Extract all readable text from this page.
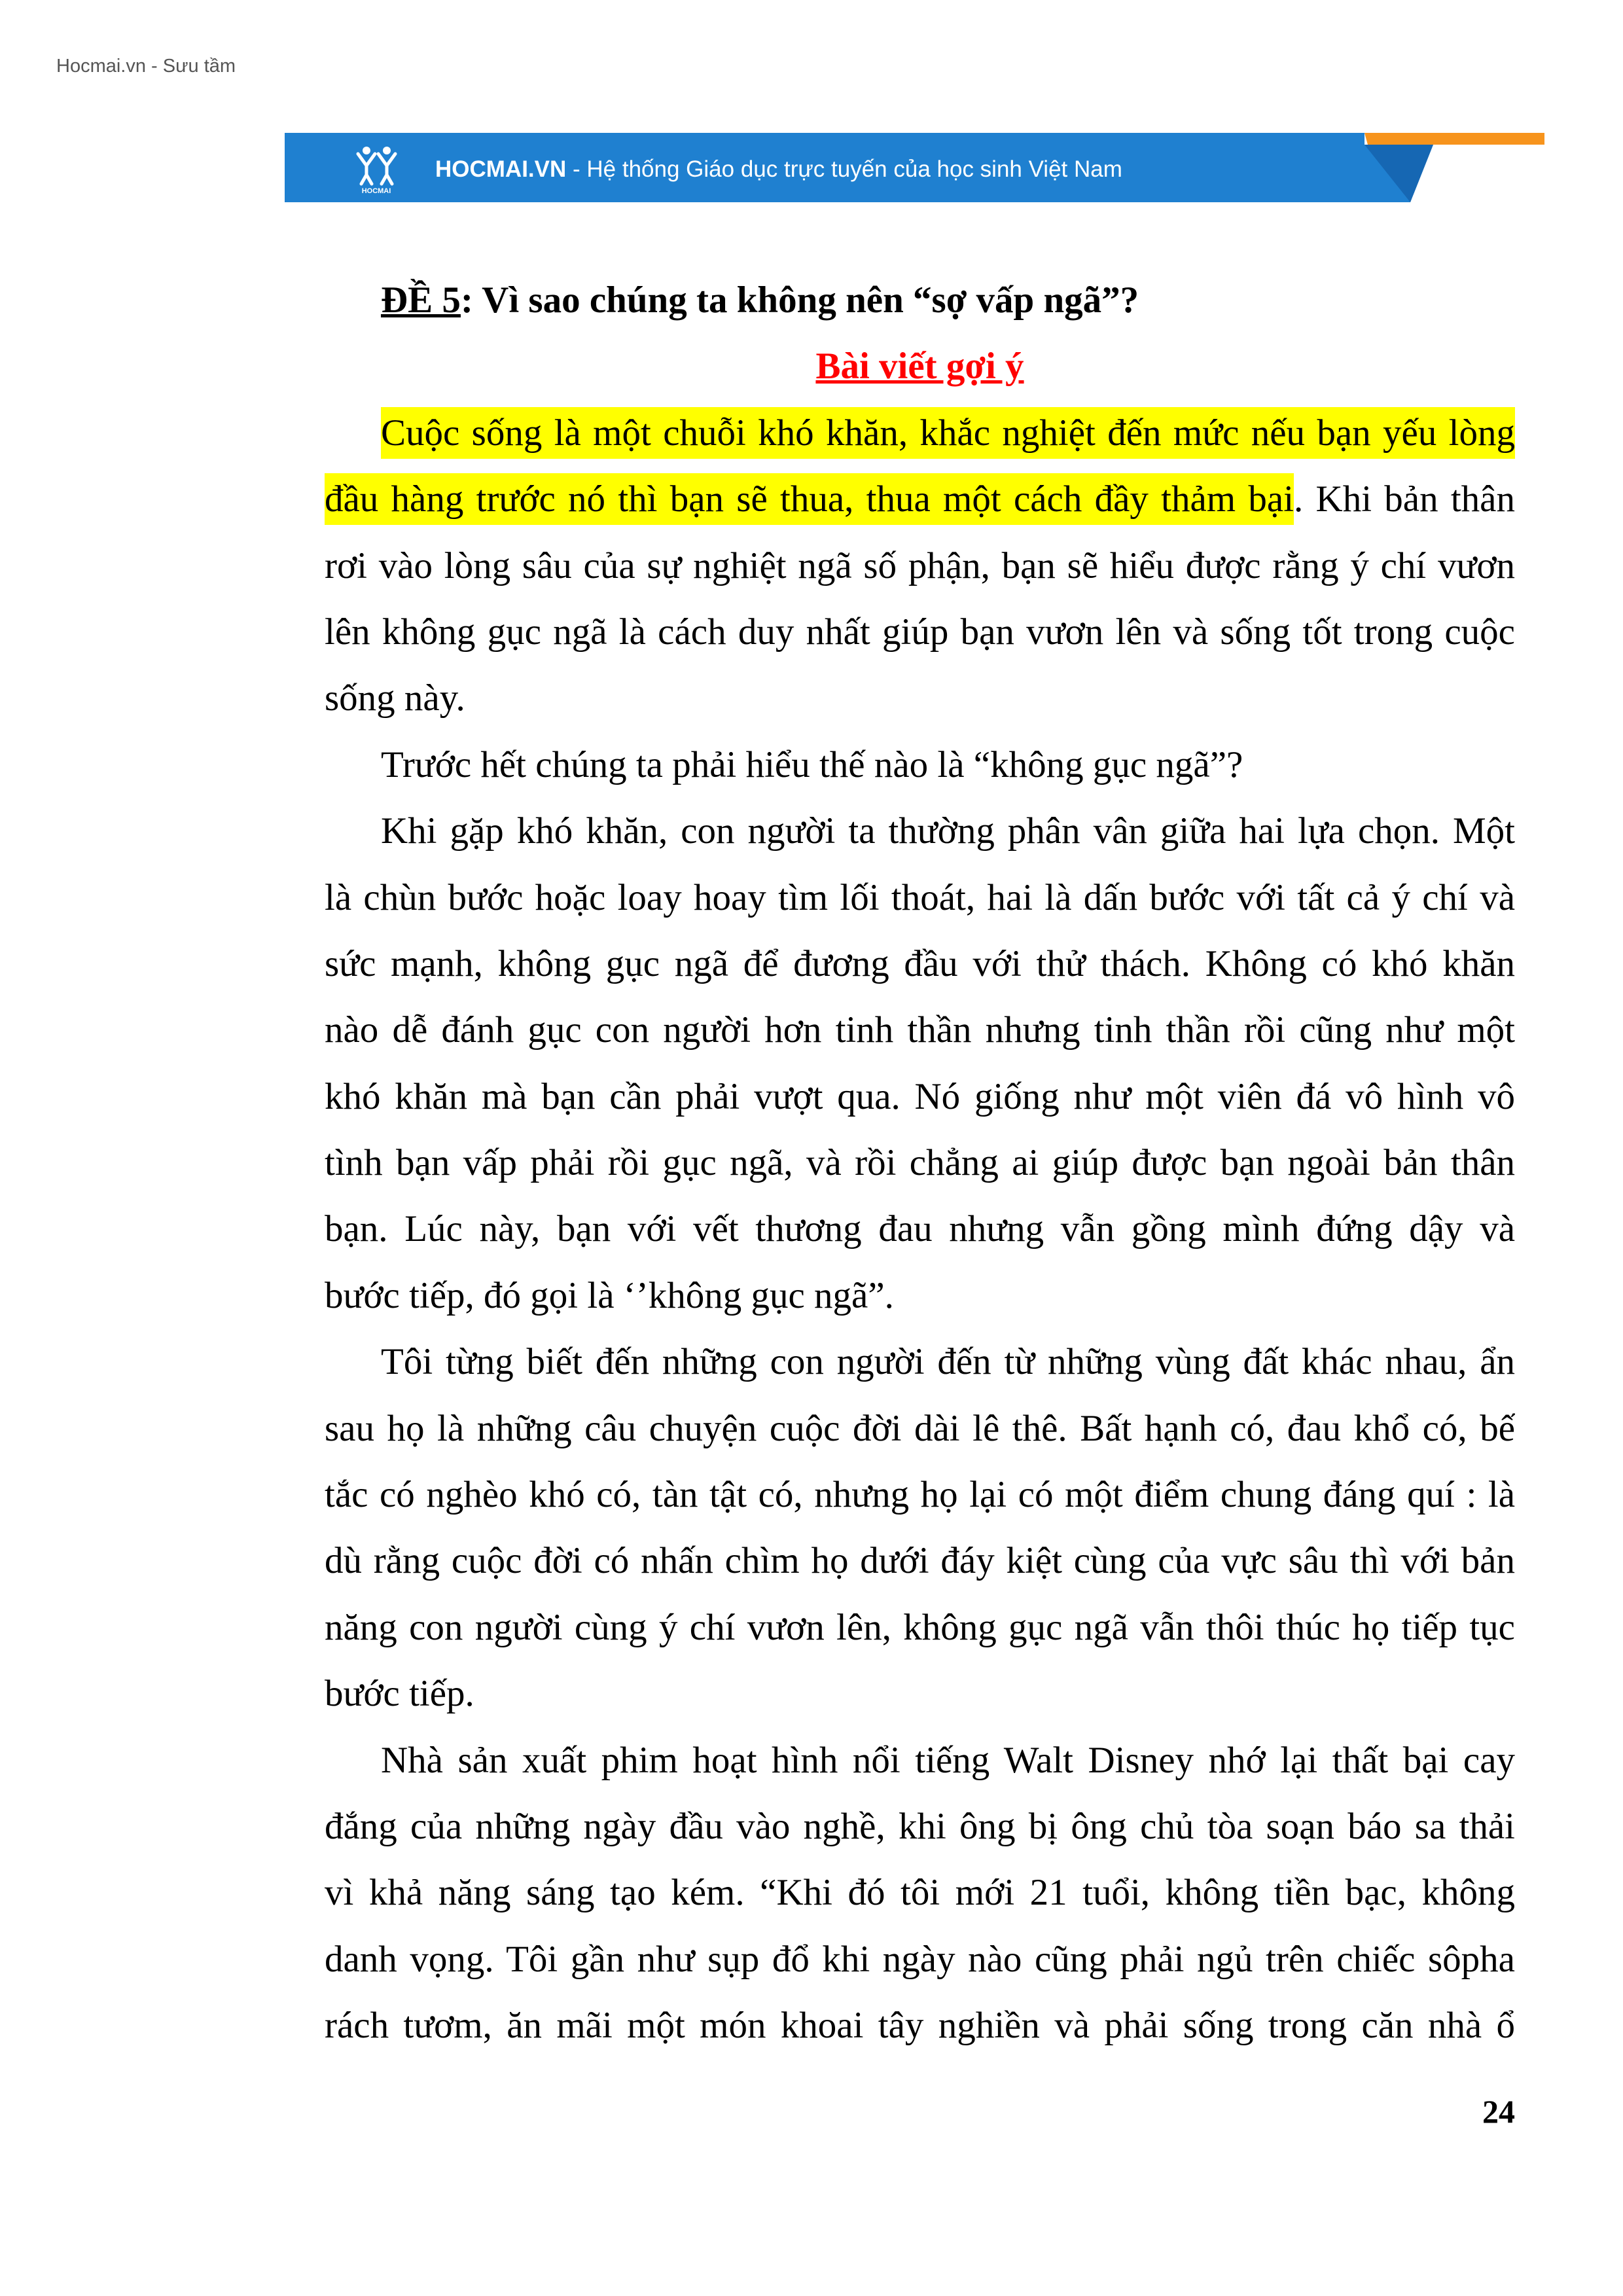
Hocmai.vn - Sưu tầm
HOCMAI
HOCMAI.VN - Hệ thống Giáo dục trực tuyến của học sinh Việt Nam
ĐỀ 5: Vì sao chúng ta không nên “sợ vấp ngã”?
Bài viết gợi ý
Cuộc sống là một chuỗi khó khăn, khắc nghiệt đến mức nếu bạn yếu lòng
đầu hàng trước nó thì bạn sẽ thua, thua một cách đầy thảm bại. Khi bản thân
rơi vào lòng sâu của sự nghiệt ngã số phận, bạn sẽ hiểu được rằng ý chí vươn
lên không gục ngã là cách duy nhất giúp bạn vươn lên và sống tốt trong cuộc
sống này.
Trước hết chúng ta phải hiểu thế nào là “không gục ngã”?
Khi gặp khó khăn, con người ta thường phân vân giữa hai lựa chọn. Một
là chùn bước hoặc loay hoay tìm lối thoát, hai là dấn bước với tất cả ý chí và
sức mạnh, không gục ngã để đương đầu với thử thách. Không có khó khăn
nào dễ đánh gục con người hơn tinh thần nhưng tinh thần rồi cũng như một
khó khăn mà bạn cần phải vượt qua. Nó giống như một viên đá vô hình vô
tình bạn vấp phải rồi gục ngã, và rồi chẳng ai giúp được bạn ngoài bản thân
bạn. Lúc này, bạn với vết thương đau nhưng vẫn gồng mình đứng dậy và
bước tiếp, đó gọi là ‘’không gục ngã”.
Tôi từng biết đến những con người đến từ những vùng đất khác nhau, ẩn
sau họ là những câu chuyện cuộc đời dài lê thê. Bất hạnh có, đau khổ có, bế
tắc có nghèo khó có, tàn tật có, nhưng họ lại có một điểm chung đáng quí : là
dù rằng cuộc đời có nhấn chìm họ dưới đáy kiệt cùng của vực sâu thì với bản
năng con người cùng ý chí vươn lên, không gục ngã vẫn thôi thúc họ tiếp tục
bước tiếp.
Nhà sản xuất phim hoạt hình nổi tiếng Walt Disney nhớ lại thất bại cay
đắng của những ngày đầu vào nghề, khi ông bị ông chủ tòa soạn báo sa thải
vì khả năng sáng tạo kém. “Khi đó tôi mới 21 tuổi, không tiền bạc, không
danh vọng. Tôi gần như sụp đổ khi ngày nào cũng phải ngủ trên chiếc sôpha
rách tươm, ăn mãi một món khoai tây nghiền và phải sống trong căn nhà ổ
24
